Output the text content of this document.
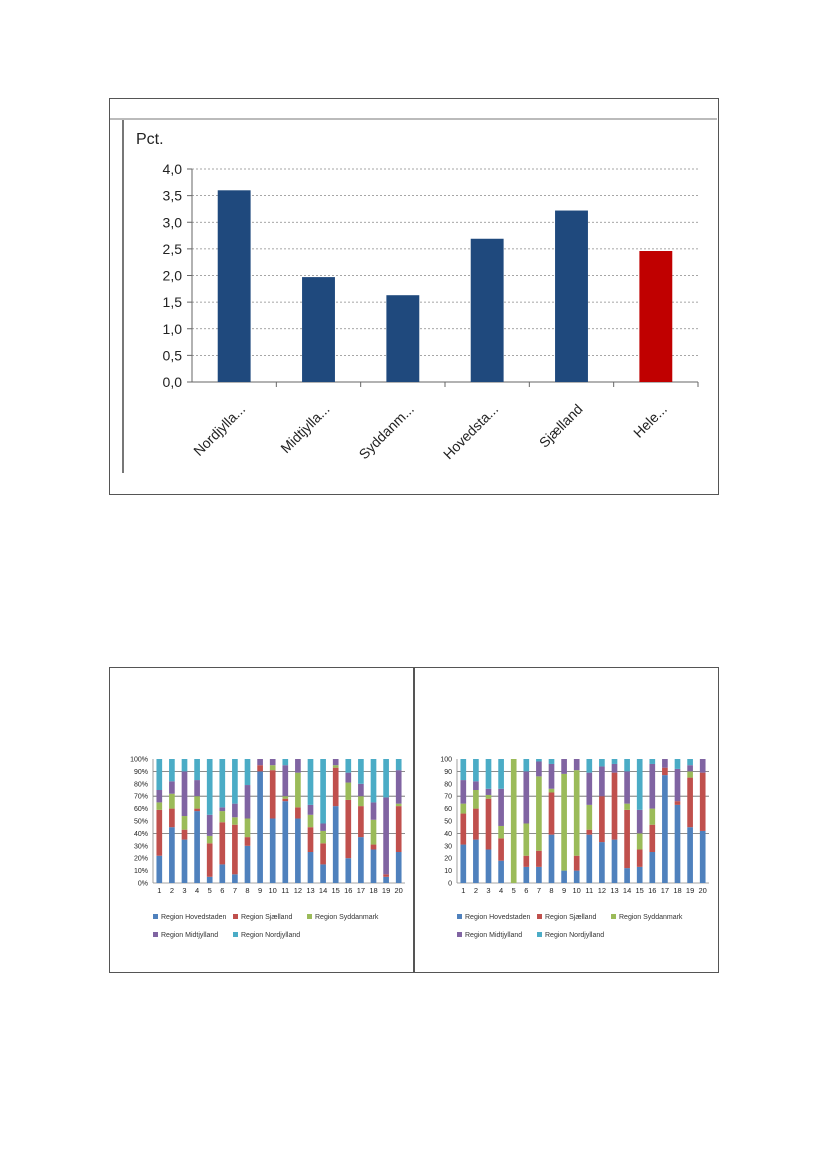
Pct.
0,0
0,5
1,0
1,5
2,0
2,5
3,0
3,5
4,0
Nordjylla... Midtjylla... Syddanm... Hovedsta... Sjælland	Hele...
0%
10%
20%
30%
40%
50%
60%
70%
80%
90%
100%
1 2 3 4 5 6 7 8 9 10 11 12 13 14 15 16 17 18 19 20
Region Hovedstaden Region Sjælland	Region Syddanmark
Region Midtjylland	Region Nordjylland
0
10
20
30
40
50
60
70
80
90
100
1 2 3 4 5 6 7 8 9 10 11 12 13 14 15 16 17 18 19 20
Region Hovedstaden Region Sjælland	Region Syddanmark
Region Midtjylland	Region Nordjylland
